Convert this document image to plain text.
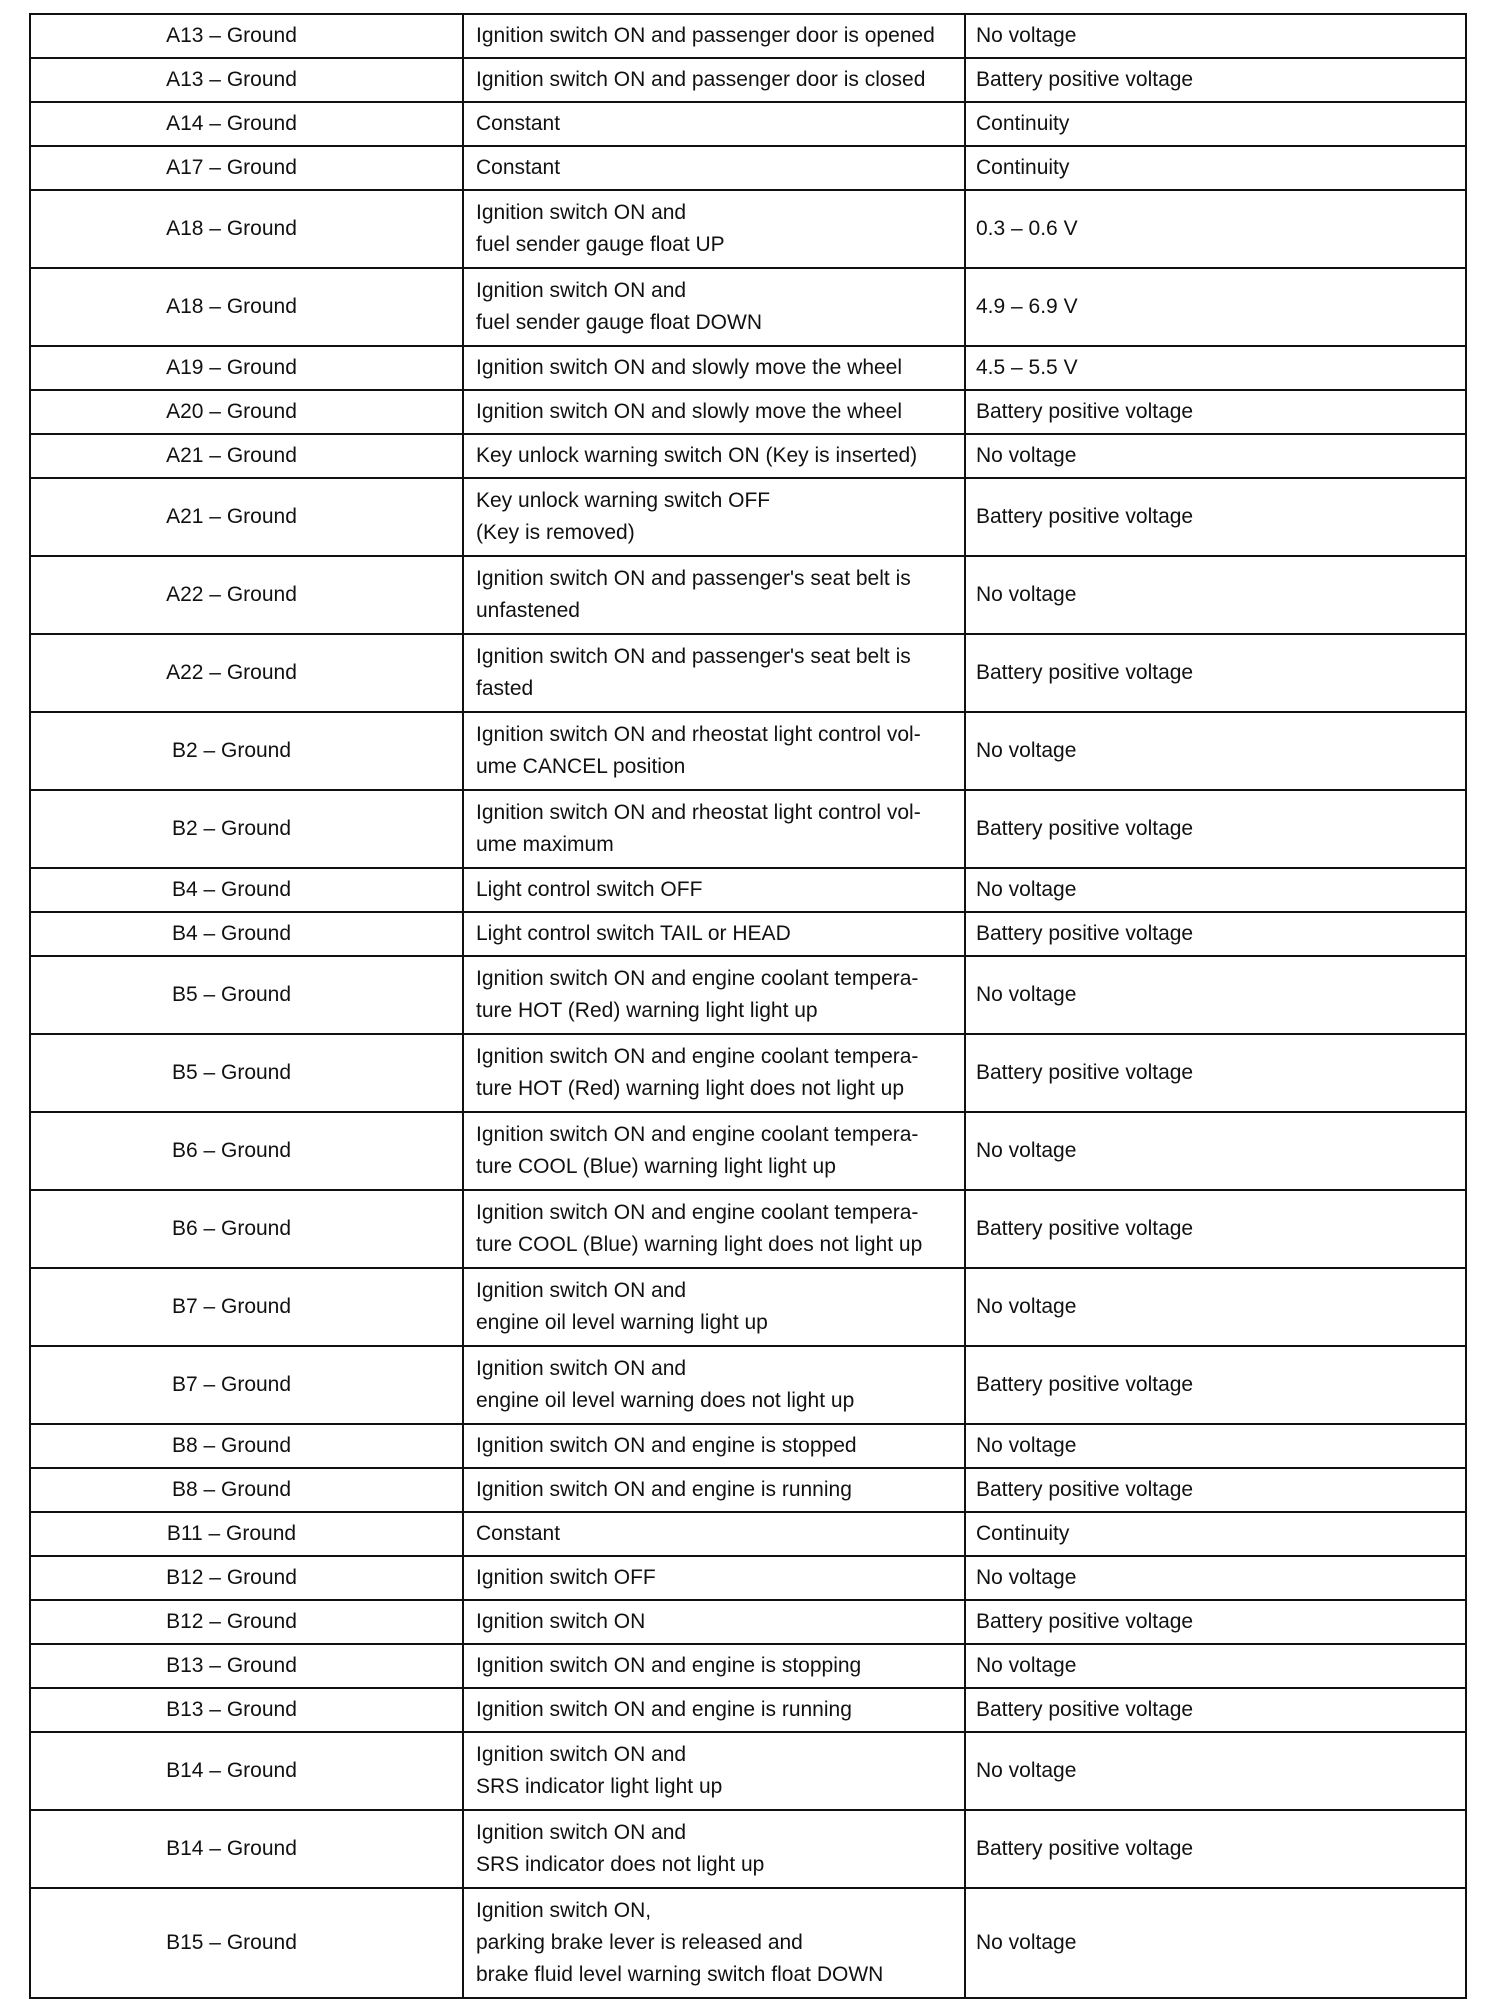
A13 – Ground	Ignition switch ON and passenger door is opened	No voltage
A13 – Ground	Ignition switch ON and passenger door is closed	Battery positive voltage
A14 – Ground	Constant	Continuity
A17 – Ground	Constant	Continuity
A18 – Ground	Ignition switch ON and
fuel sender gauge float UP	0.3 – 0.6 V
A18 – Ground	Ignition switch ON and
fuel sender gauge float DOWN	4.9 – 6.9 V
A19 – Ground	Ignition switch ON and slowly move the wheel	4.5 – 5.5 V
A20 – Ground	Ignition switch ON and slowly move the wheel	Battery positive voltage
A21 – Ground	Key unlock warning switch ON (Key is inserted)	No voltage
A21 – Ground	Key unlock warning switch OFF
(Key is removed)	Battery positive voltage
A22 – Ground	Ignition switch ON and passenger's seat belt is
unfastened	No voltage
A22 – Ground	Ignition switch ON and passenger's seat belt is
fasted	Battery positive voltage
B2 – Ground	Ignition switch ON and rheostat light control vol-
ume CANCEL position	No voltage
B2 – Ground	Ignition switch ON and rheostat light control vol-
ume maximum	Battery positive voltage
B4 – Ground	Light control switch OFF	No voltage
B4 – Ground	Light control switch TAIL or HEAD	Battery positive voltage
B5 – Ground	Ignition switch ON and engine coolant tempera-
ture HOT (Red) warning light light up	No voltage
B5 – Ground	Ignition switch ON and engine coolant tempera-
ture HOT (Red) warning light does not light up	Battery positive voltage
B6 – Ground	Ignition switch ON and engine coolant tempera-
ture COOL (Blue) warning light light up	No voltage
B6 – Ground	Ignition switch ON and engine coolant tempera-
ture COOL (Blue) warning light does not light up	Battery positive voltage
B7 – Ground	Ignition switch ON and
engine oil level warning light up	No voltage
B7 – Ground	Ignition switch ON and
engine oil level warning does not light up	Battery positive voltage
B8 – Ground	Ignition switch ON and engine is stopped	No voltage
B8 – Ground	Ignition switch ON and engine is running	Battery positive voltage
B11 – Ground	Constant	Continuity
B12 – Ground	Ignition switch OFF	No voltage
B12 – Ground	Ignition switch ON	Battery positive voltage
B13 – Ground	Ignition switch ON and engine is stopping	No voltage
B13 – Ground	Ignition switch ON and engine is running	Battery positive voltage
B14 – Ground	Ignition switch ON and
SRS indicator light light up	No voltage
B14 – Ground	Ignition switch ON and
SRS indicator does not light up	Battery positive voltage
B15 – Ground	Ignition switch ON,
parking brake lever is released and
brake fluid level warning switch float DOWN	No voltage
